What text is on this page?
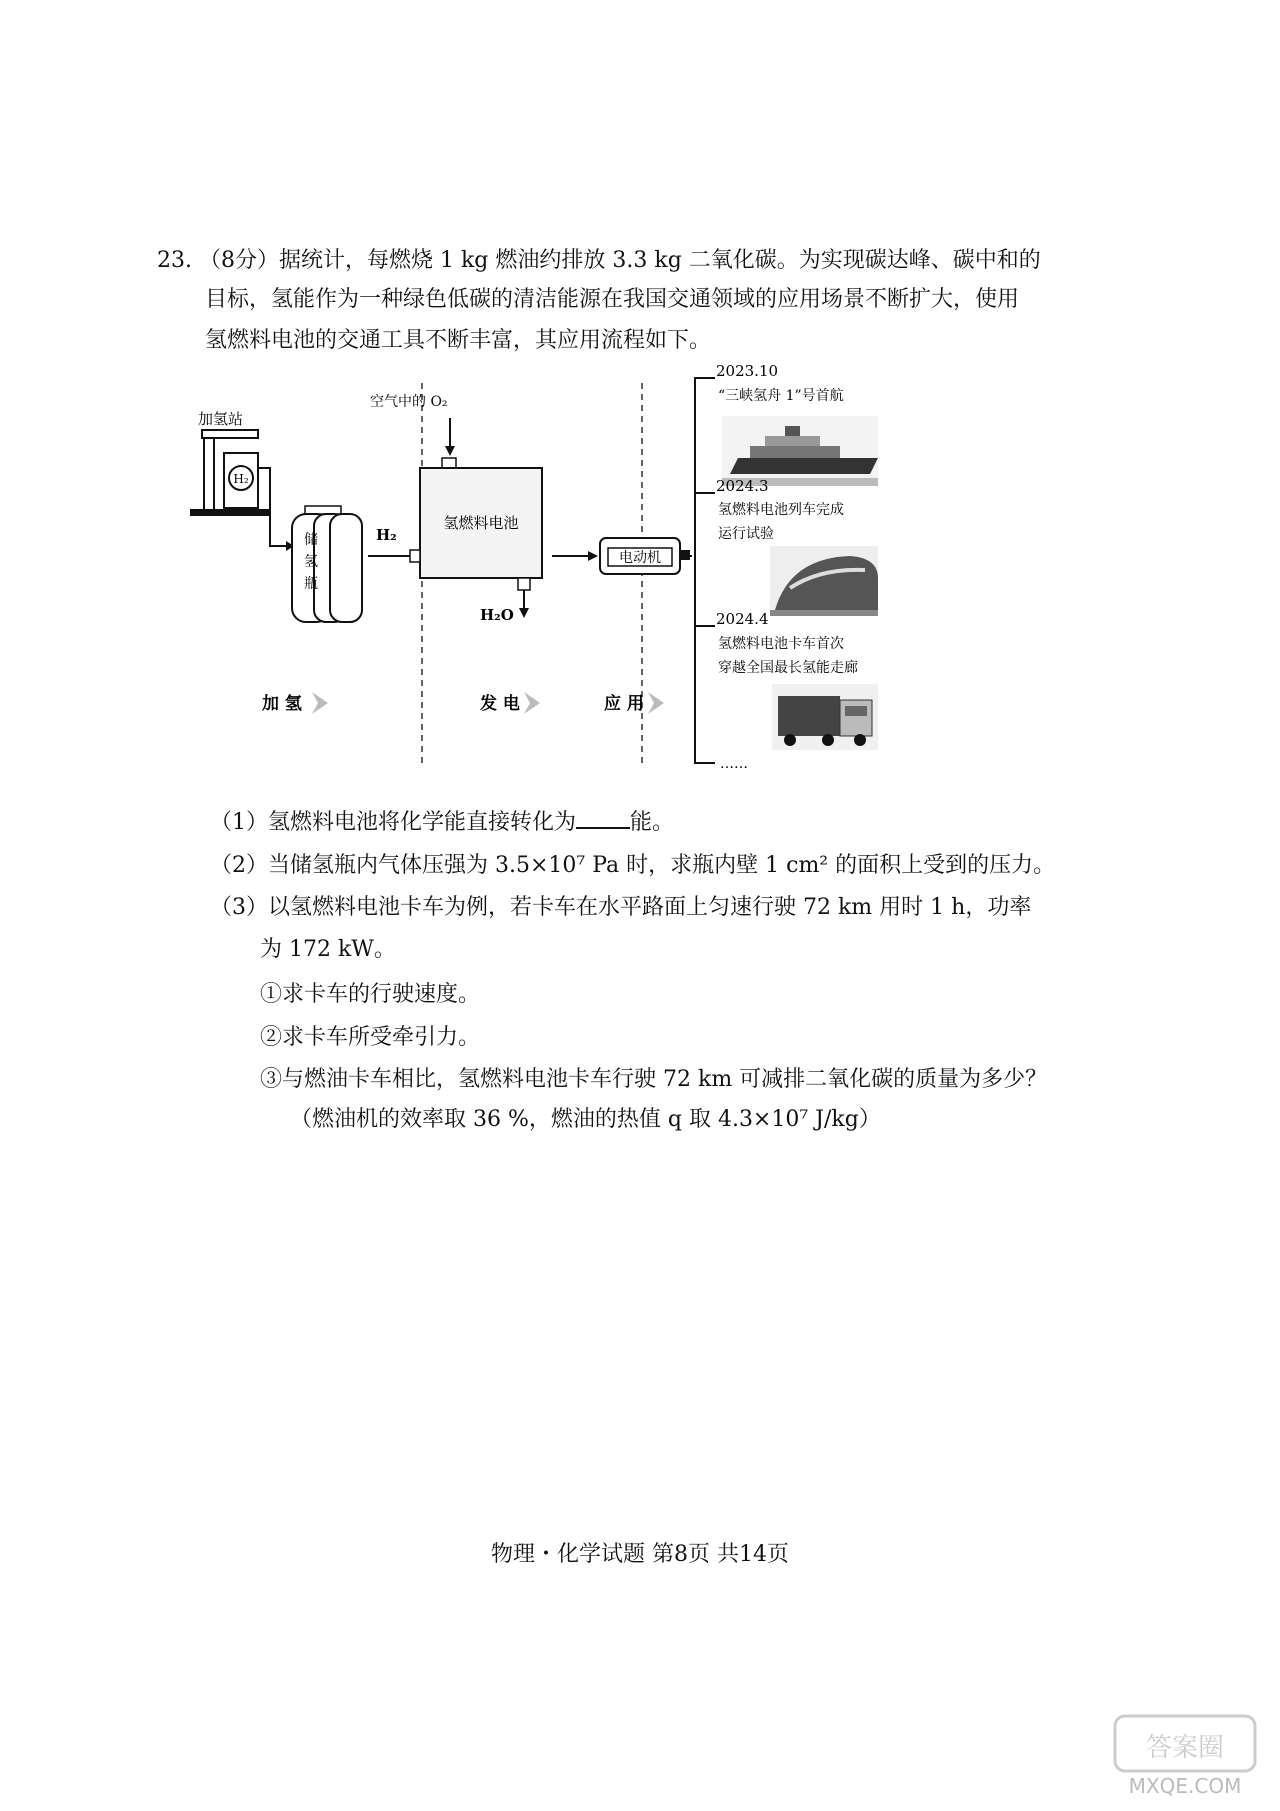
23. （8分）据统计，每燃烧 1 kg 燃油约排放 3.3 kg 二氧化碳。为实现碳达峰、碳中和的
目标，氢能作为一种绿色低碳的清洁能源在我国交通领域的应用场景不断扩大，使用
氢燃料电池的交通工具不断丰富，其应用流程如下。
加氢站
H₂
储
氢
瓶
H₂
空气中的 O₂
氢燃料电池
H₂O
电动机
2023.10
“三峡氢舟 1”号首航
2024.3
氢燃料电池列车完成
运行试验
2024.4
氢燃料电池卡车首次
穿越全国最长氢能走廊
……
加 氢	发 电	应 用
（1）氢燃料电池将化学能直接转化为 能。
（2）当储氢瓶内气体压强为 3.5×10⁷ Pa 时，求瓶内壁 1 cm² 的面积上受到的压力。
（3）以氢燃料电池卡车为例，若卡车在水平路面上匀速行驶 72 km 用时 1 h，功率
为 172 kW。
①求卡车的行驶速度。
②求卡车所受牵引力。
③与燃油卡车相比，氢燃料电池卡车行驶 72 km 可减排二氧化碳的质量为多少？
（燃油机的效率取 36 %，燃油的热值 q 取 4.3×10⁷ J/kg）
物理・化学试题 第8页 共14页
答案圈
MXQE.COM
